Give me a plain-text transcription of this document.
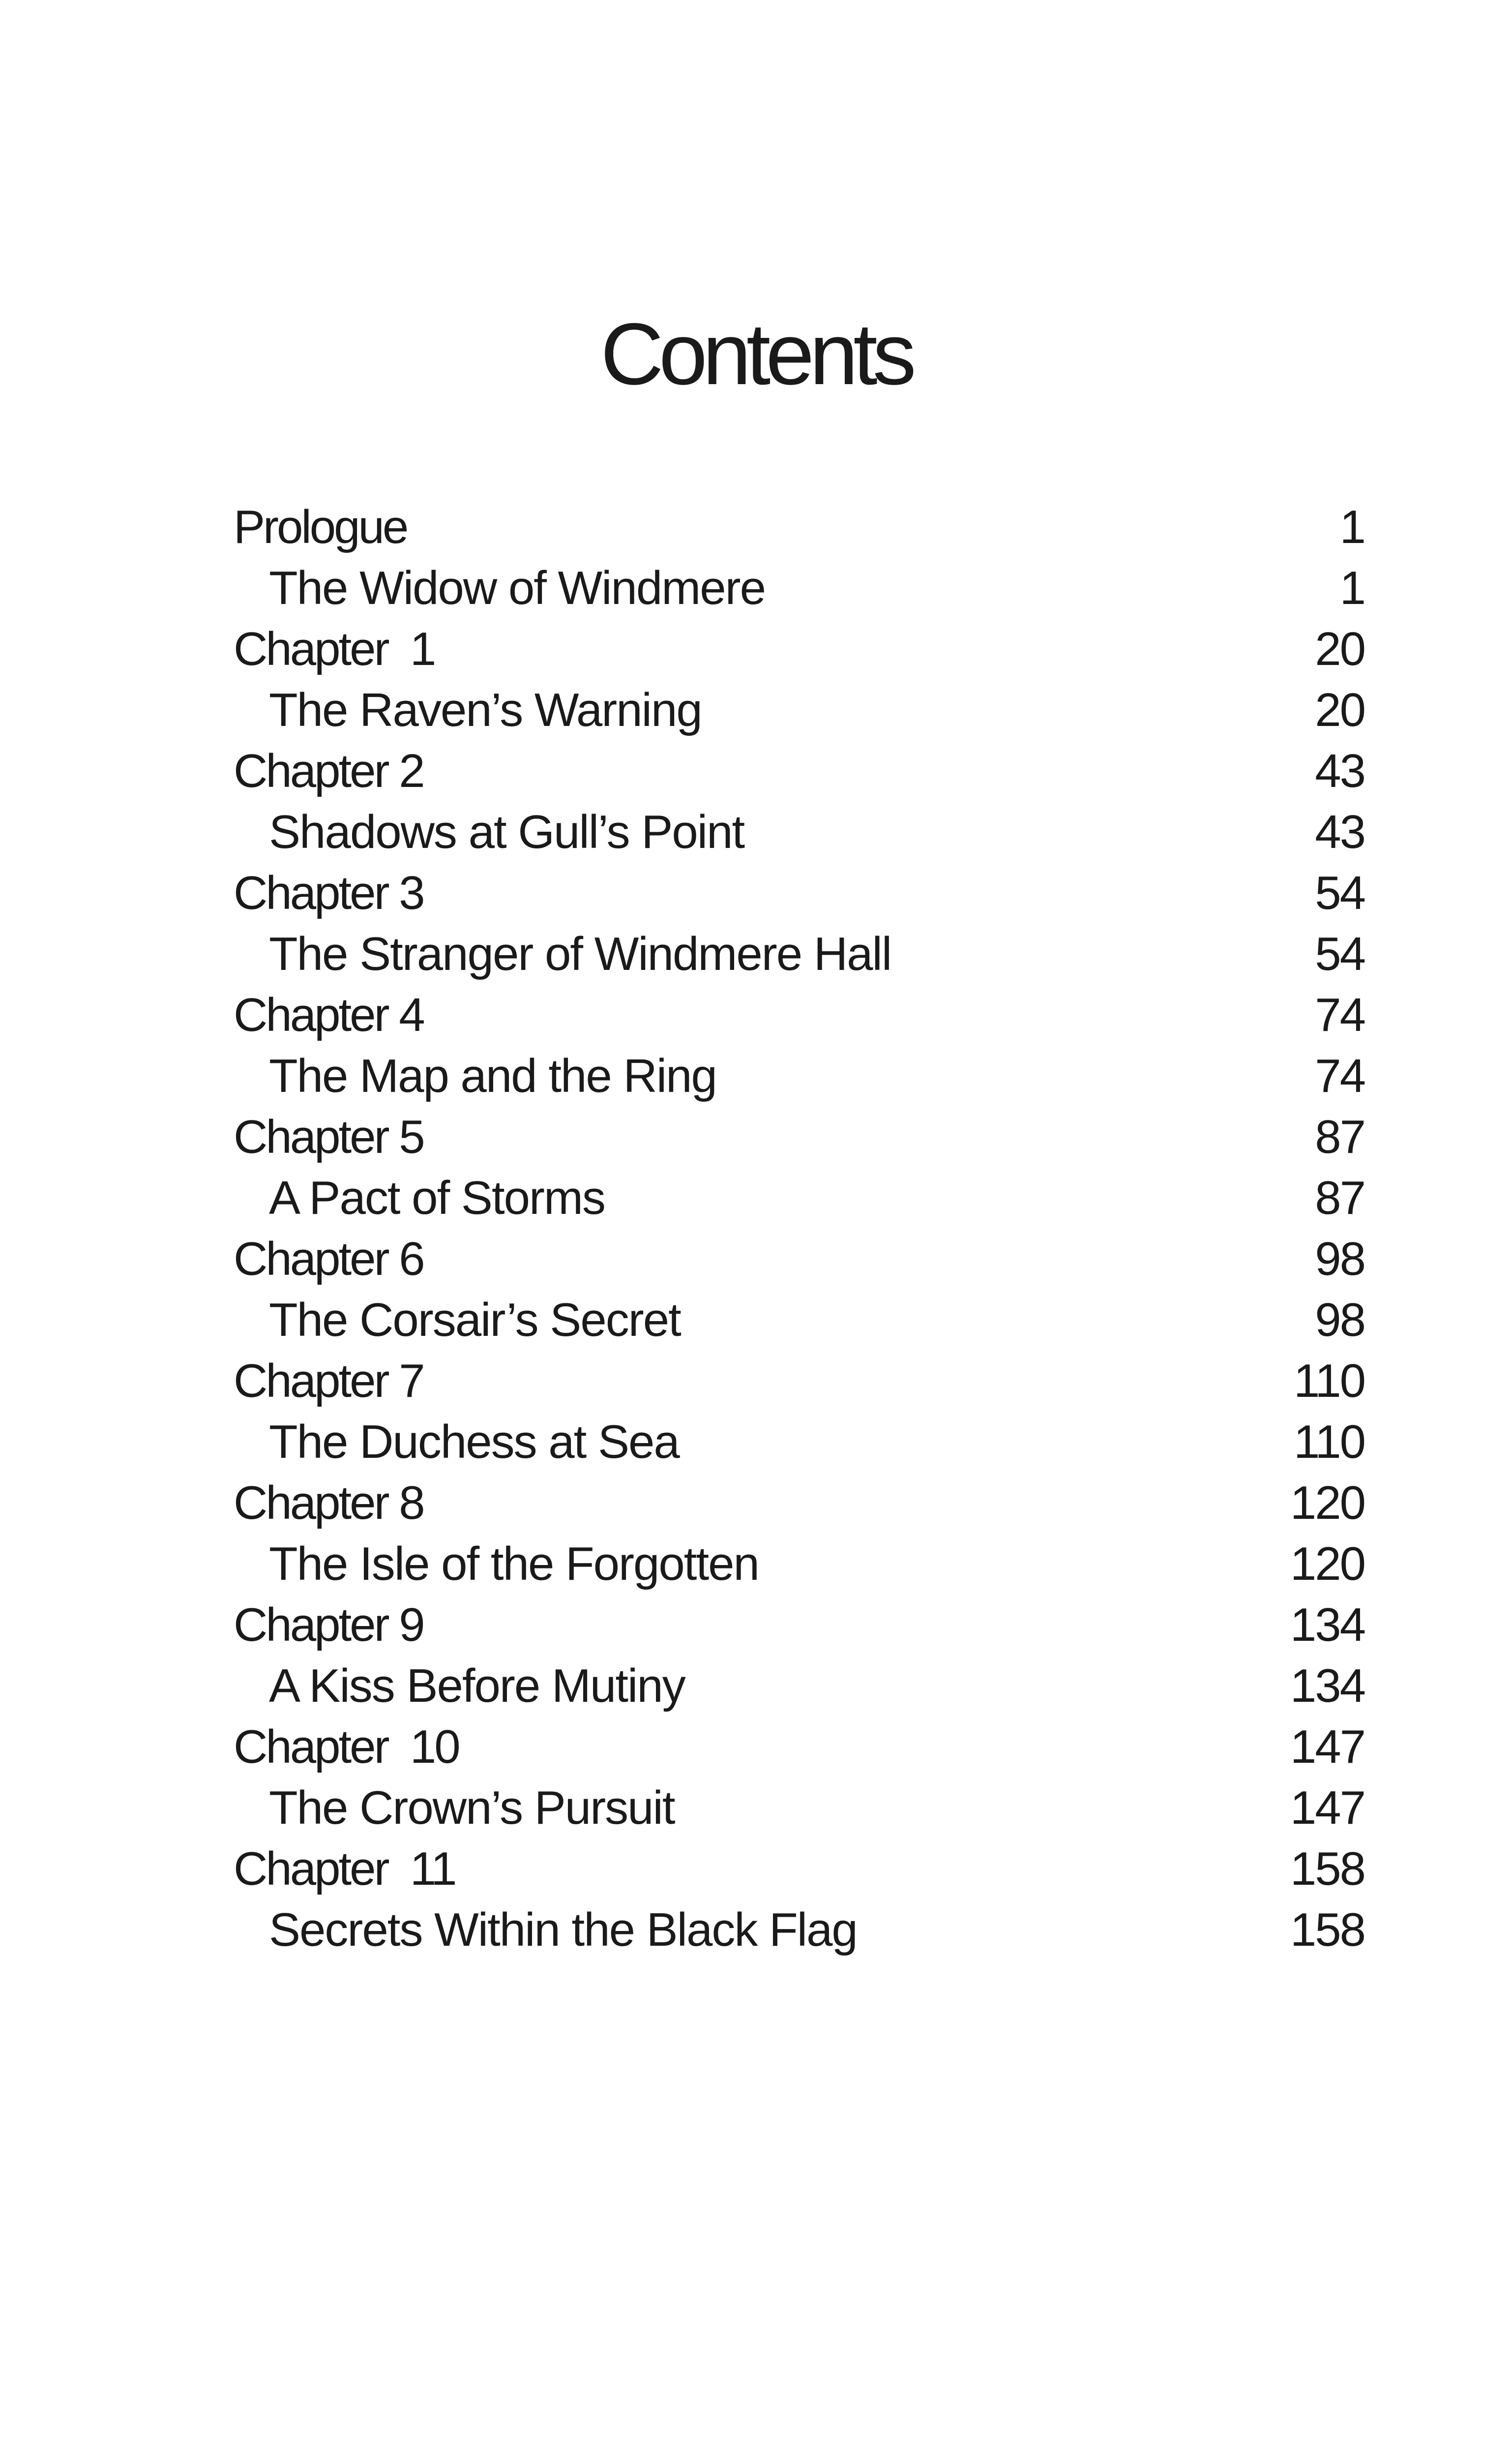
Contents
Prologue	1
The Widow of Windmere	1
Chapter  1	20
The Raven’s Warning	20
Chapter 2	43
Shadows at Gull’s Point	43
Chapter 3	54
The Stranger of Windmere Hall	54
Chapter 4	74
The Map and the Ring	74
Chapter 5	87
A Pact of Storms	87
Chapter 6	98
The Corsair’s Secret	98
Chapter 7	110
The Duchess at Sea	110
Chapter 8	120
The Isle of the Forgotten	120
Chapter 9	134
A Kiss Before Mutiny	134
Chapter  10	147
The Crown’s Pursuit	147
Chapter  11	158
Secrets Within the Black Flag	158
